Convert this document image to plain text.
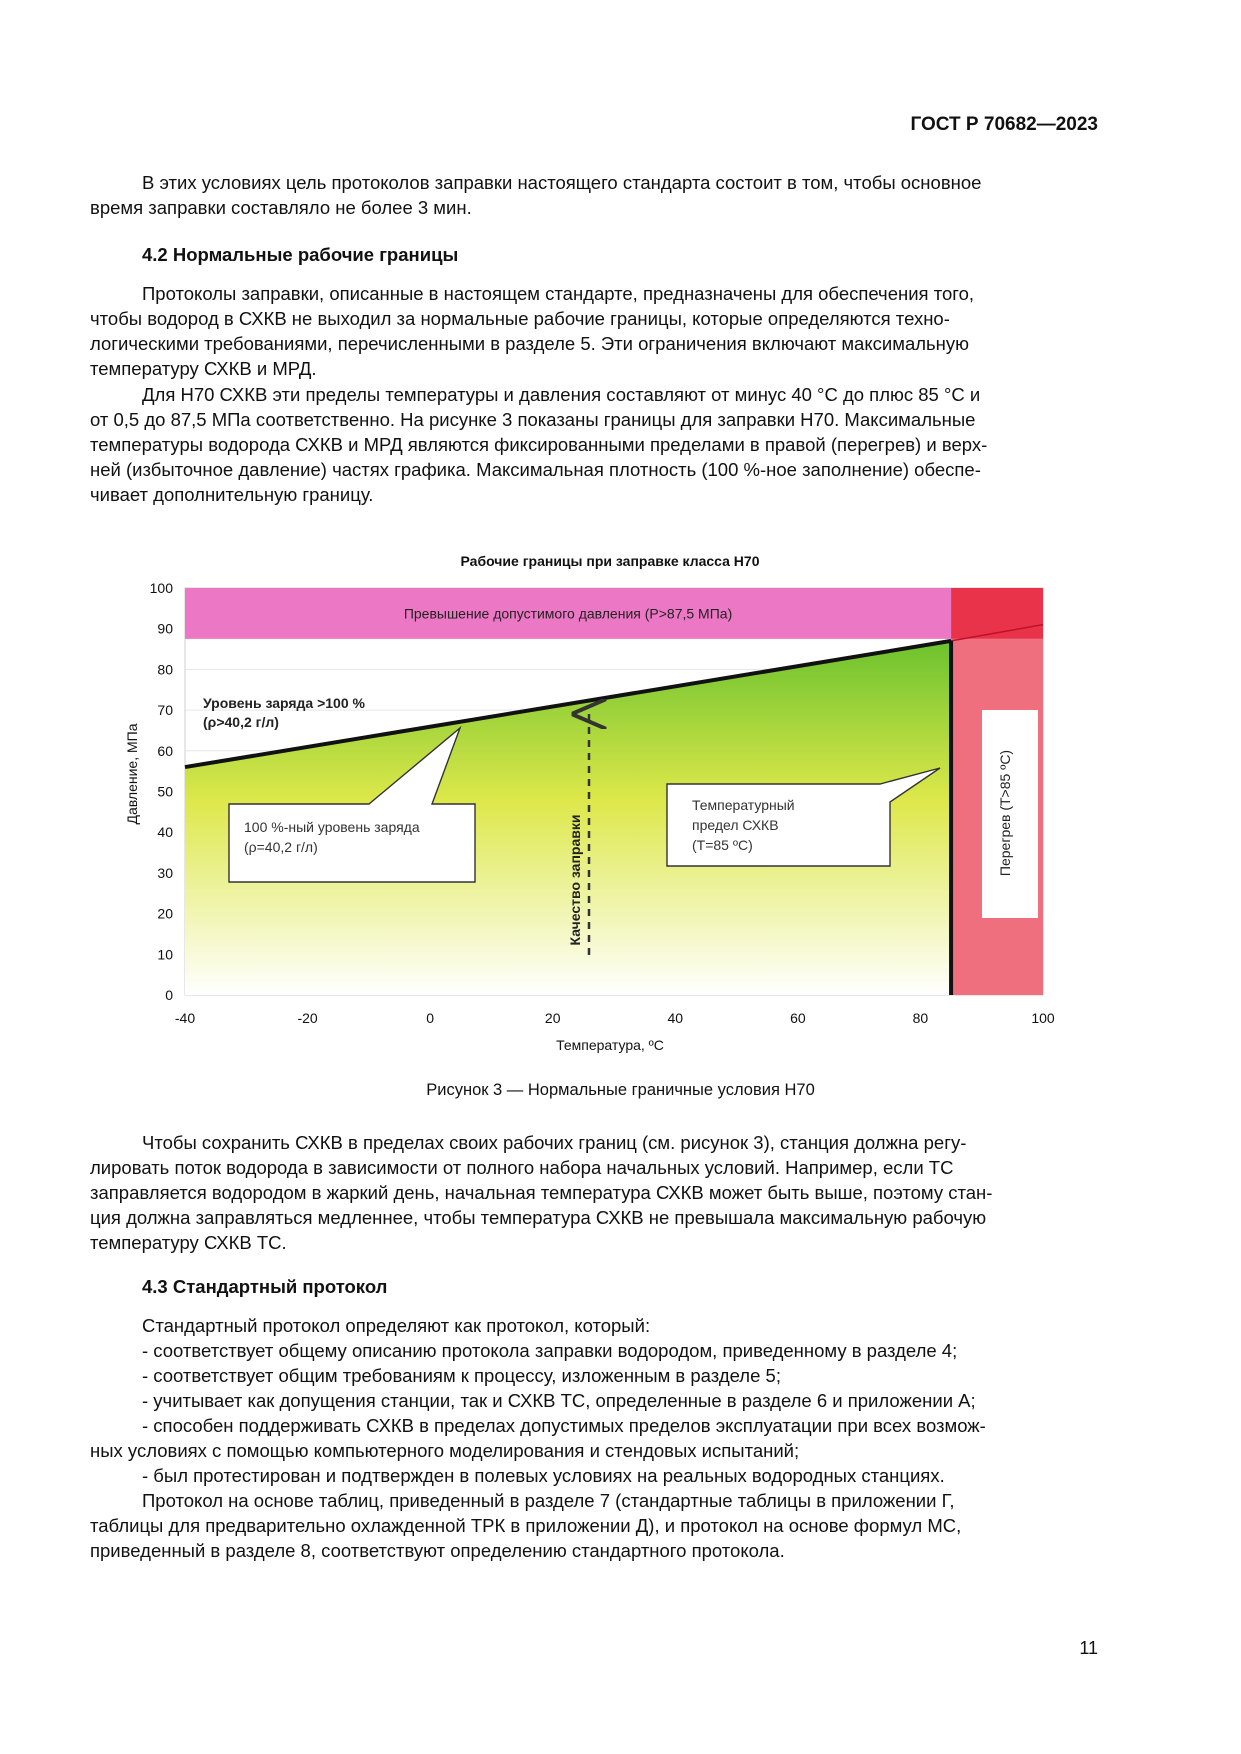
ГОСТ Р 70682—2023
В этих условиях цель протоколов заправки настоящего стандарта состоит в том, чтобы основное
время заправки составляло не более 3 мин.
4.2 Нормальные рабочие границы
Протоколы заправки, описанные в настоящем стандарте, предназначены для обеспечения того,
чтобы водород в СХКВ не выходил за нормальные рабочие границы, которые определяются техно-
логическими требованиями, перечисленными в разделе 5. Эти ограничения включают максимальную
температуру СХКВ и МРД.
Для H70 СХКВ эти пределы температуры и давления составляют от минус 40 °C до плюс 85 °C и
от 0,5 до 87,5 МПа соответственно. На рисунке 3 показаны границы для заправки H70. Максимальные
температуры водорода СХКВ и МРД являются фиксированными пределами в правой (перегрев) и верх-
ней (избыточное давление) частях графика. Максимальная плотность (100 %-ное заполнение) обеспе-
чивает дополнительную границу.
Рабочие границы при заправке класса H70
0
10
20
30
40
50
60
70
80
90
100
-40	-20	0	20	40	60	80	100
Температура, ºС
Давление, МПа
Превышение допустимого давления (Р>87,5 МПа)
Перегрев (Т>85 ºС)
Уровень заряда >100 % (ρ>40,2 г/л)
100 %-ный уровень заряда (ρ=40,2 г/л)
Температурный предел СХКВ (Т=85 ºС)
Качество заправки
Рисунок 3 — Нормальные граничные условия H70
Чтобы сохранить СХКВ в пределах своих рабочих границ (см. рисунок 3), станция должна регу-
лировать поток водорода в зависимости от полного набора начальных условий. Например, если ТС
заправляется водородом в жаркий день, начальная температура СХКВ может быть выше, поэтому стан-
ция должна заправляться медленнее, чтобы температура СХКВ не превышала максимальную рабочую
температуру СХКВ ТС.
4.3 Стандартный протокол
Стандартный протокол определяют как протокол, который:
- соответствует общему описанию протокола заправки водородом, приведенному в разделе 4;
- соответствует общим требованиям к процессу, изложенным в разделе 5;
- учитывает как допущения станции, так и СХКВ ТС, определенные в разделе 6 и приложении А;
- способен поддерживать СХКВ в пределах допустимых пределов эксплуатации при всех возмож-
ных условиях с помощью компьютерного моделирования и стендовых испытаний;
- был протестирован и подтвержден в полевых условиях на реальных водородных станциях.
Протокол на основе таблиц, приведенный в разделе 7 (стандартные таблицы в приложении Г,
таблицы для предварительно охлажденной ТРК в приложении Д), и протокол на основе формул МС,
приведенный в разделе 8, соответствуют определению стандартного протокола.
11
